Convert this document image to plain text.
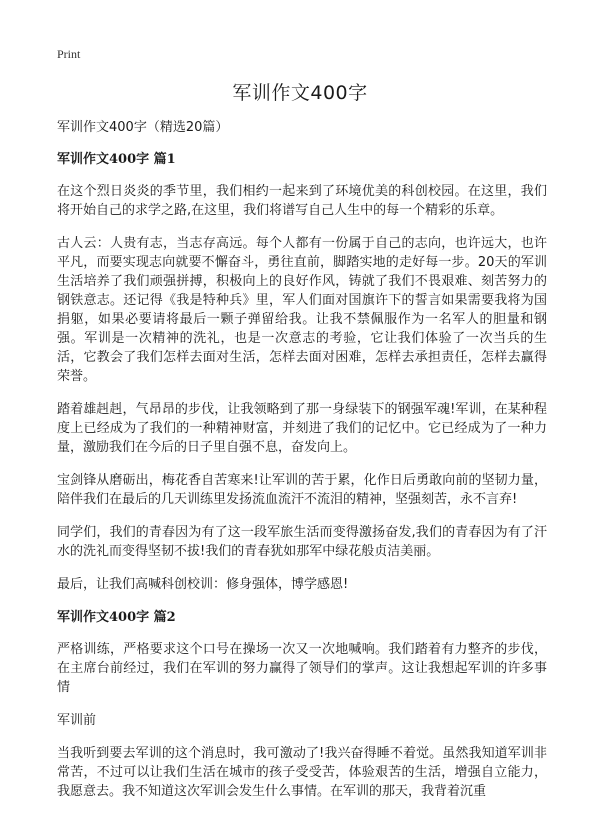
Print
军训作文400字

军训作文400字（精选20篇）

军训作文400字 篇1

在这个烈日炎炎的季节里，我们相约一起来到了环境优美的科创校园。在这里，我们将开始自己的求学之路,在这里，我们将谱写自己人生中的每一个精彩的乐章。

古人云：人贵有志，当志存高远。每个人都有一份属于自己的志向，也许远大，也许平凡，而要实现志向就要不懈奋斗，勇往直前，脚踏实地的走好每一步。20天的军训生活培养了我们顽强拼搏，积极向上的良好作风，铸就了我们不畏艰难、刻苦努力的钢铁意志。还记得《我是特种兵》里，军人们面对国旗许下的誓言如果需要我将为国捐躯，如果必要请将最后一颗子弹留给我。让我不禁佩服作为一名军人的胆量和钢强。军训是一次精神的洗礼，也是一次意志的考验，它让我们体验了一次当兵的生活，它教会了我们怎样去面对生活，怎样去面对困难，怎样去承担责任，怎样去赢得荣誉。

踏着雄赳赳，气昂昂的步伐，让我领略到了那一身绿装下的钢强军魂!军训，在某种程度上已经成为了我们的一种精神财富，并刻进了我们的记忆中。它已经成为了一种力量，激励我们在今后的日子里自强不息，奋发向上。

宝剑锋从磨砺出，梅花香自苦寒来!让军训的苦于累，化作日后勇敢向前的坚韧力量，陪伴我们在最后的几天训练里发扬流血流汗不流泪的精神，坚强刻苦，永不言弃!

同学们，我们的青春因为有了这一段军旅生活而变得激扬奋发,我们的青春因为有了汗水的洗礼而变得坚韧不拔!我们的青春犹如那军中绿花般贞洁美丽。

最后，让我们高喊科创校训：修身强体，博学感恩!

军训作文400字 篇2

严格训练，严格要求这个口号在操场一次又一次地喊响。我们踏着有力整齐的步伐，在主席台前经过，我们在军训的努力赢得了领导们的掌声。这让我想起军训的许多事情

军训前

当我听到要去军训的这个消息时，我可激动了!我兴奋得睡不着觉。虽然我知道军训非常苦，不过可以让我们生活在城市的孩子受受苦，体验艰苦的生活，增强自立能力，我愿意去。我不知道这次军训会发生什么事情。在军训的那天，我背着沉重
